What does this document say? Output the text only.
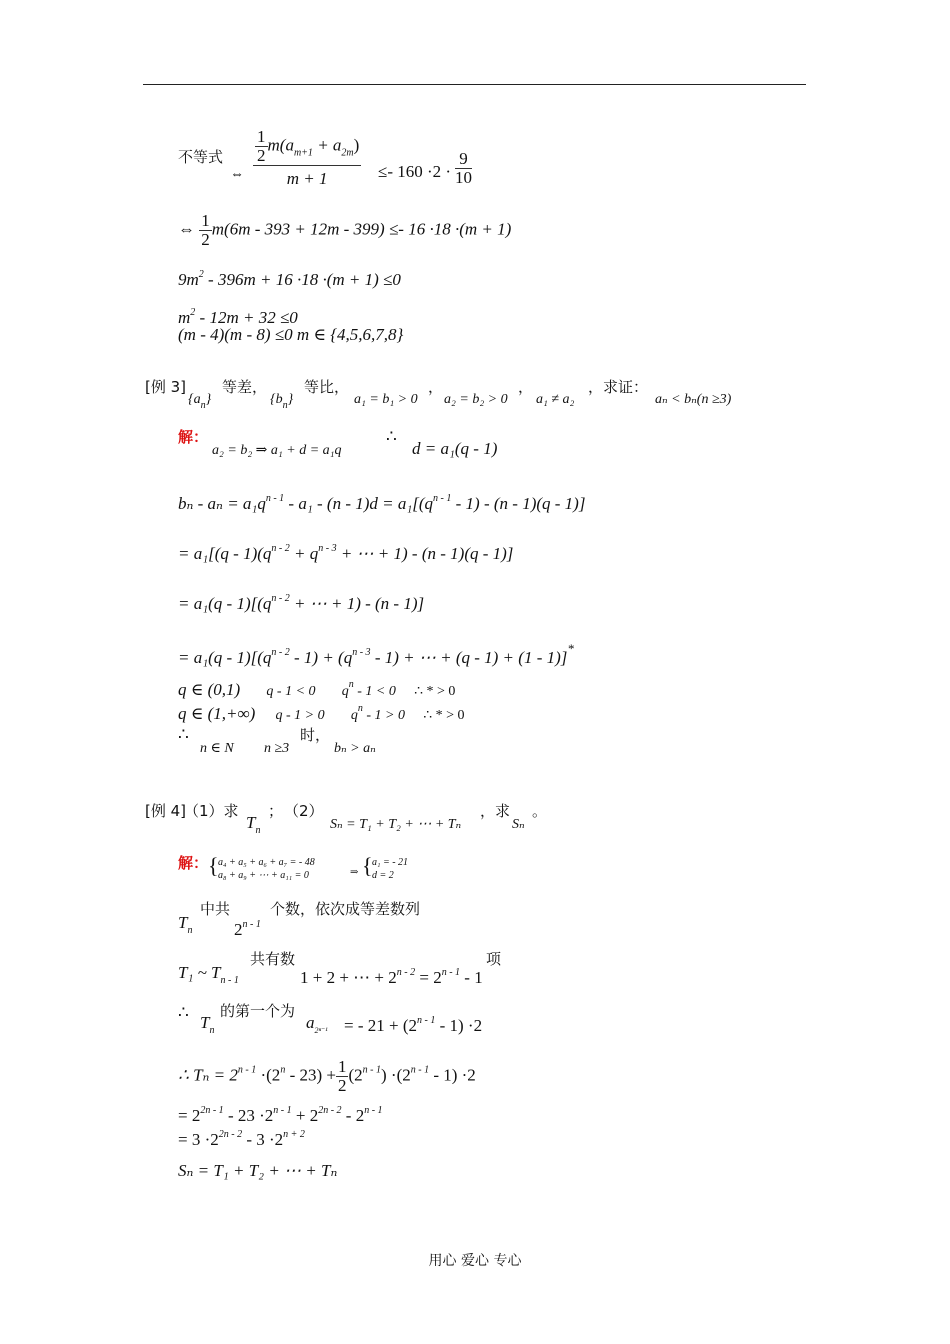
不等式
⇔ $\frac{\frac{1}{2} m(a_{m+1} + a_{2m})}{m + 1} \le- 160 \cdot 2 \cdot \frac{9}{10}$
⇔ $\frac{1}{2} m(6m - 393 + 12m - 399) \le- 16 \cdot 18 \cdot(m + 1)$
$9m^2 - 396m + 16 \cdot 18 \cdot(m + 1) \le 0$
$m^2 - 12m + 32 \le 0$
(m - 4)(m - 8) ≤0 m ∈ {4,5,6,7,8}
[例 3]
$\{a_n\}$
等差，
$\{b_n\}$
等比，
a₁ = b₁ > 0
，
a₂ = b₂ > 0
，
a₁ ≠ a₂
，求证：
aₙ < bₙ(n ≥3)
解：
a₂ = b₂ ⇒ a₁ + d = a₁q
∴
d = a₁(q - 1)
$b_n - a_n = a_1q^{n - 1} - a_1 - (n - 1)d = a_1[(q^{n - 1} - 1) - (n - 1)(q - 1)]$
= $a_1[(q - 1)(q^{n - 2} + q^{n - 3}$ + ⋯ + 1) - (n - 1)(q - 1)]
= $a_1(q - 1)[(q^{n - 2}$ + ⋯ + 1) - (n - 1)]
= $a_1(q - 1)[(q^{n - 2} - 1) + (q^{n - 3} - 1)$ + ⋯ + (q - 1) + (1 - 1)]*
q ∈ (0,1) q - 1 < 0 $q^n - 1 < 0$ ∴ * > 0
q ∈ (1,+∞) q - 1 > 0 $q^n - 1 > 0$ ∴ * > 0
∴
n ∈ N n ≥3
时，
bₙ > aₙ
[例 4]
（1）求
$T_n$
； （2）
Sₙ = T₁ + T₂ + ⋯ + Tₙ
，求
Sₙ
。
解： { a₄ + a₅ + a₆ + a₇ = - 48
a₈ + a₉ + ⋯ + a₁₁ = 0	⇒ { a₁ = - 21
d = 2
$T_n$
中共
2$^{n - 1}$
个数，依次成等差数列
T₁ ~ $T_{n - 1}$
共有数
1 + 2 + ⋯ + $2^{n - 2} = 2^{n - 1} - 1$
项
∴
$T_n$
的第一个为
$a_{2^{n-1}}$ = - $21 + (2^{n - 1} - 1) \cdot 2$
∴ $T_n = 2^{n - 1} \cdot(2^n - 23) + \frac{1}{2} (2^{n - 1}) \cdot(2^{n - 1} - 1) \cdot 2$
= $2^{2n - 1} - 23 \cdot 2^{n - 1} + 2^{2n - 2} - 2^{n - 1}$
= $3 \cdot 2^{2n - 2} - 3 \cdot 2^{n + 2}$
Sₙ = T₁ + T₂ + ⋯ + Tₙ
用心 爱心 专心
